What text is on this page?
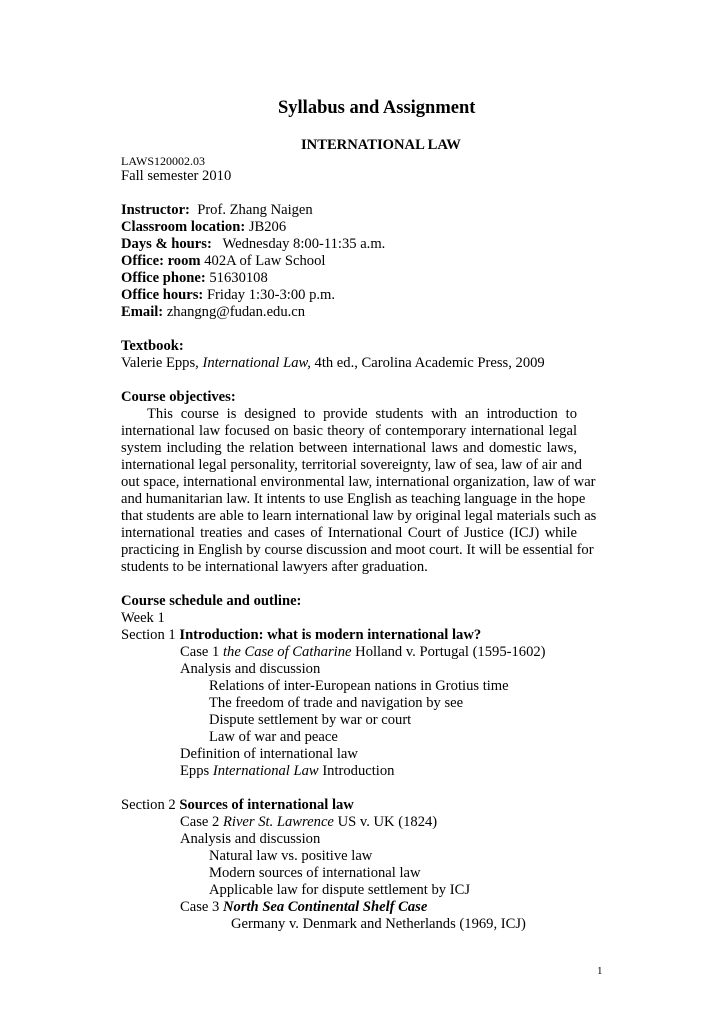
Syllabus and Assignment
INTERNATIONAL LAW
LAWS120002.03
Fall semester 2010
Instructor: Prof. Zhang Naigen
Classroom location: JB206
Days & hours: Wednesday 8:00-11:35 a.m.
Office: room 402A of Law School
Office phone: 51630108
Office hours: Friday 1:30-3:00 p.m.
Email: zhangng@fudan.edu.cn
Textbook:
Valerie Epps, International Law, 4th ed., Carolina Academic Press, 2009
Course objectives:
This course is designed to provide students with an introduction to
international law focused on basic theory of contemporary international legal
system including the relation between international laws and domestic laws,
international legal personality, territorial sovereignty, law of sea, law of air and
out space, international environmental law, international organization, law of war
and humanitarian law. It intents to use English as teaching language in the hope
that students are able to learn international law by original legal materials such as
international treaties and cases of International Court of Justice (ICJ) while
practicing in English by course discussion and moot court. It will be essential for
students to be international lawyers after graduation.
Course schedule and outline:
Week 1
Section 1 Introduction: what is modern international law?
Case 1 the Case of Catharine Holland v. Portugal (1595-1602)
Analysis and discussion
Relations of inter-European nations in Grotius time
The freedom of trade and navigation by see
Dispute settlement by war or court
Law of war and peace
Definition of international law
Epps International Law Introduction
Section 2 Sources of international law
Case 2 River St. Lawrence US v. UK (1824)
Analysis and discussion
Natural law vs. positive law
Modern sources of international law
Applicable law for dispute settlement by ICJ
Case 3 North Sea Continental Shelf Case
Germany v. Denmark and Netherlands (1969, ICJ)
1
